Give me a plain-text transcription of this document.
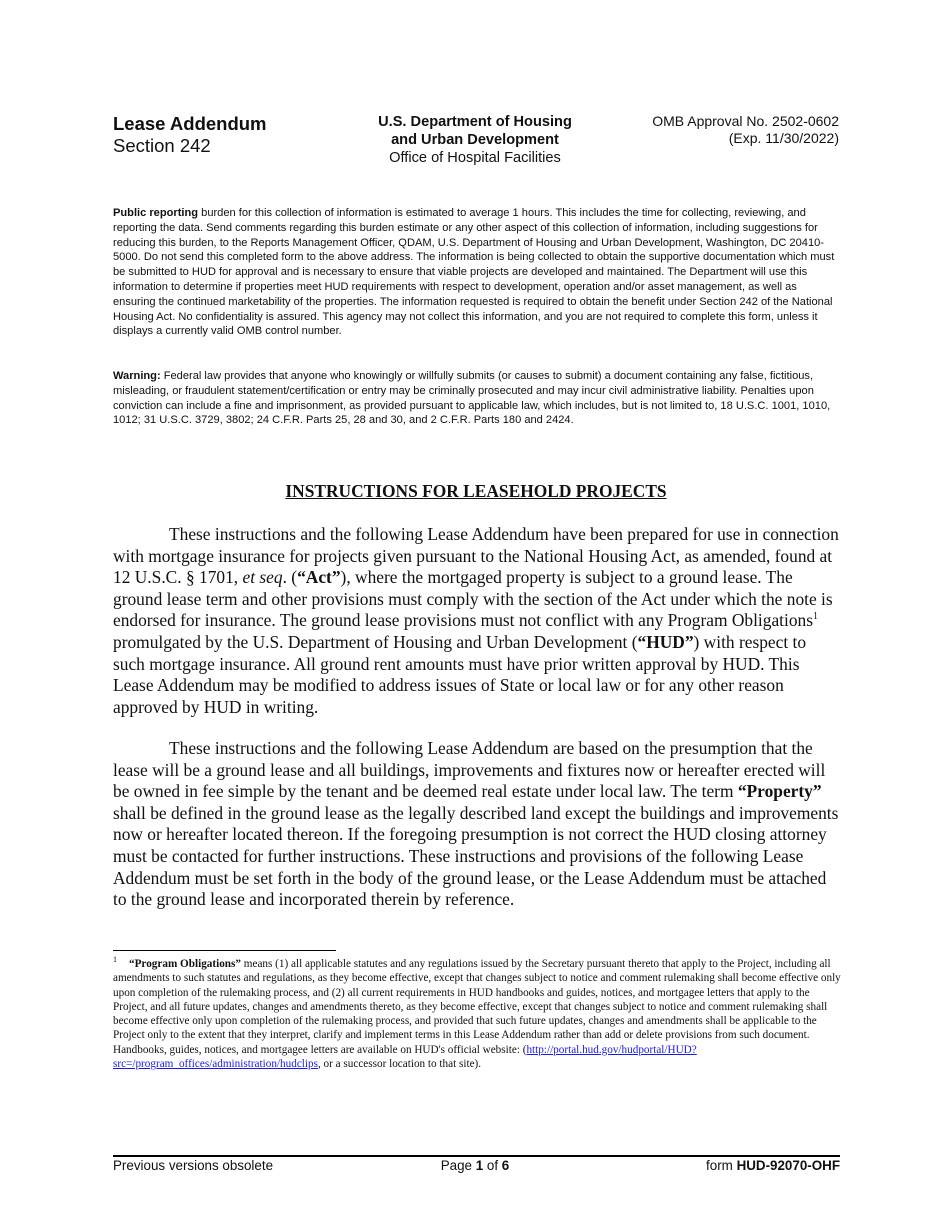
Lease Addendum
Section 242
U.S. Department of Housing
and Urban Development
Office of Hospital Facilities
OMB Approval No. 2502-0602
(Exp. 11/30/2022)

Public reporting burden for this collection of information is estimated to average 1 hours. This includes the time for collecting, reviewing, and reporting the data. Send comments regarding this burden estimate or any other aspect of this collection of information, including suggestions for reducing this burden, to the Reports Management Officer, QDAM, U.S. Department of Housing and Urban Development, Washington, DC 20410-5000. Do not send this completed form to the above address. The information is being collected to obtain the supportive documentation which must be submitted to HUD for approval and is necessary to ensure that viable projects are developed and maintained. The Department will use this information to determine if properties meet HUD requirements with respect to development, operation and/or asset management, as well as ensuring the continued marketability of the properties. The information requested is required to obtain the benefit under Section 242 of the National Housing Act. No confidentiality is assured. This agency may not collect this information, and you are not required to complete this form, unless it displays a currently valid OMB control number.

Warning: Federal law provides that anyone who knowingly or willfully submits (or causes to submit) a document containing any false, fictitious, misleading, or fraudulent statement/certification or entry may be criminally prosecuted and may incur civil administrative liability. Penalties upon conviction can include a fine and imprisonment, as provided pursuant to applicable law, which includes, but is not limited to, 18 U.S.C. 1001, 1010, 1012; 31 U.S.C. 3729, 3802; 24 C.F.R. Parts 25, 28 and 30, and 2 C.F.R. Parts 180 and 2424.

INSTRUCTIONS FOR LEASEHOLD PROJECTS

These instructions and the following Lease Addendum have been prepared for use in connection with mortgage insurance for projects given pursuant to the National Housing Act, as amended, found at 12 U.S.C. § 1701, et seq. (“Act”), where the mortgaged property is subject to a ground lease. The ground lease term and other provisions must comply with the section of the Act under which the note is endorsed for insurance. The ground lease provisions must not conflict with any Program Obligations$^1$ promulgated by the U.S. Department of Housing and Urban Development (“HUD”) with respect to such mortgage insurance. All ground rent amounts must have prior written approval by HUD. This Lease Addendum may be modified to address issues of State or local law or for any other reason approved by HUD in writing.

These instructions and the following Lease Addendum are based on the presumption that the lease will be a ground lease and all buildings, improvements and fixtures now or hereafter erected will be owned in fee simple by the tenant and be deemed real estate under local law. The term “Property” shall be defined in the ground lease as the legally described land except the buildings and improvements now or hereafter located thereon. If the foregoing presumption is not correct the HUD closing attorney must be contacted for further instructions. These instructions and provisions of the following Lease Addendum must be set forth in the body of the ground lease, or the Lease Addendum must be attached to the ground lease and incorporated therein by reference.

$^1$ “Program Obligations” means (1) all applicable statutes and any regulations issued by the Secretary pursuant thereto that apply to the Project, including all amendments to such statutes and regulations, as they become effective, except that changes subject to notice and comment rulemaking shall become effective only upon completion of the rulemaking process, and (2) all current requirements in HUD handbooks and guides, notices, and mortgagee letters that apply to the Project, and all future updates, changes and amendments thereto, as they become effective, except that changes subject to notice and comment rulemaking shall become effective only upon completion of the rulemaking process, and provided that such future updates, changes and amendments shall be applicable to the Project only to the extent that they interpret, clarify and implement terms in this Lease Addendum rather than add or delete provisions from such document. Handbooks, guides, notices, and mortgagee letters are available on HUD's official website: (http://portal.hud.gov/hudportal/HUD?src=/program_offices/administration/hudclips, or a successor location to that site).

Previous versions obsolete	Page 1 of 6	form HUD-92070-OHF
